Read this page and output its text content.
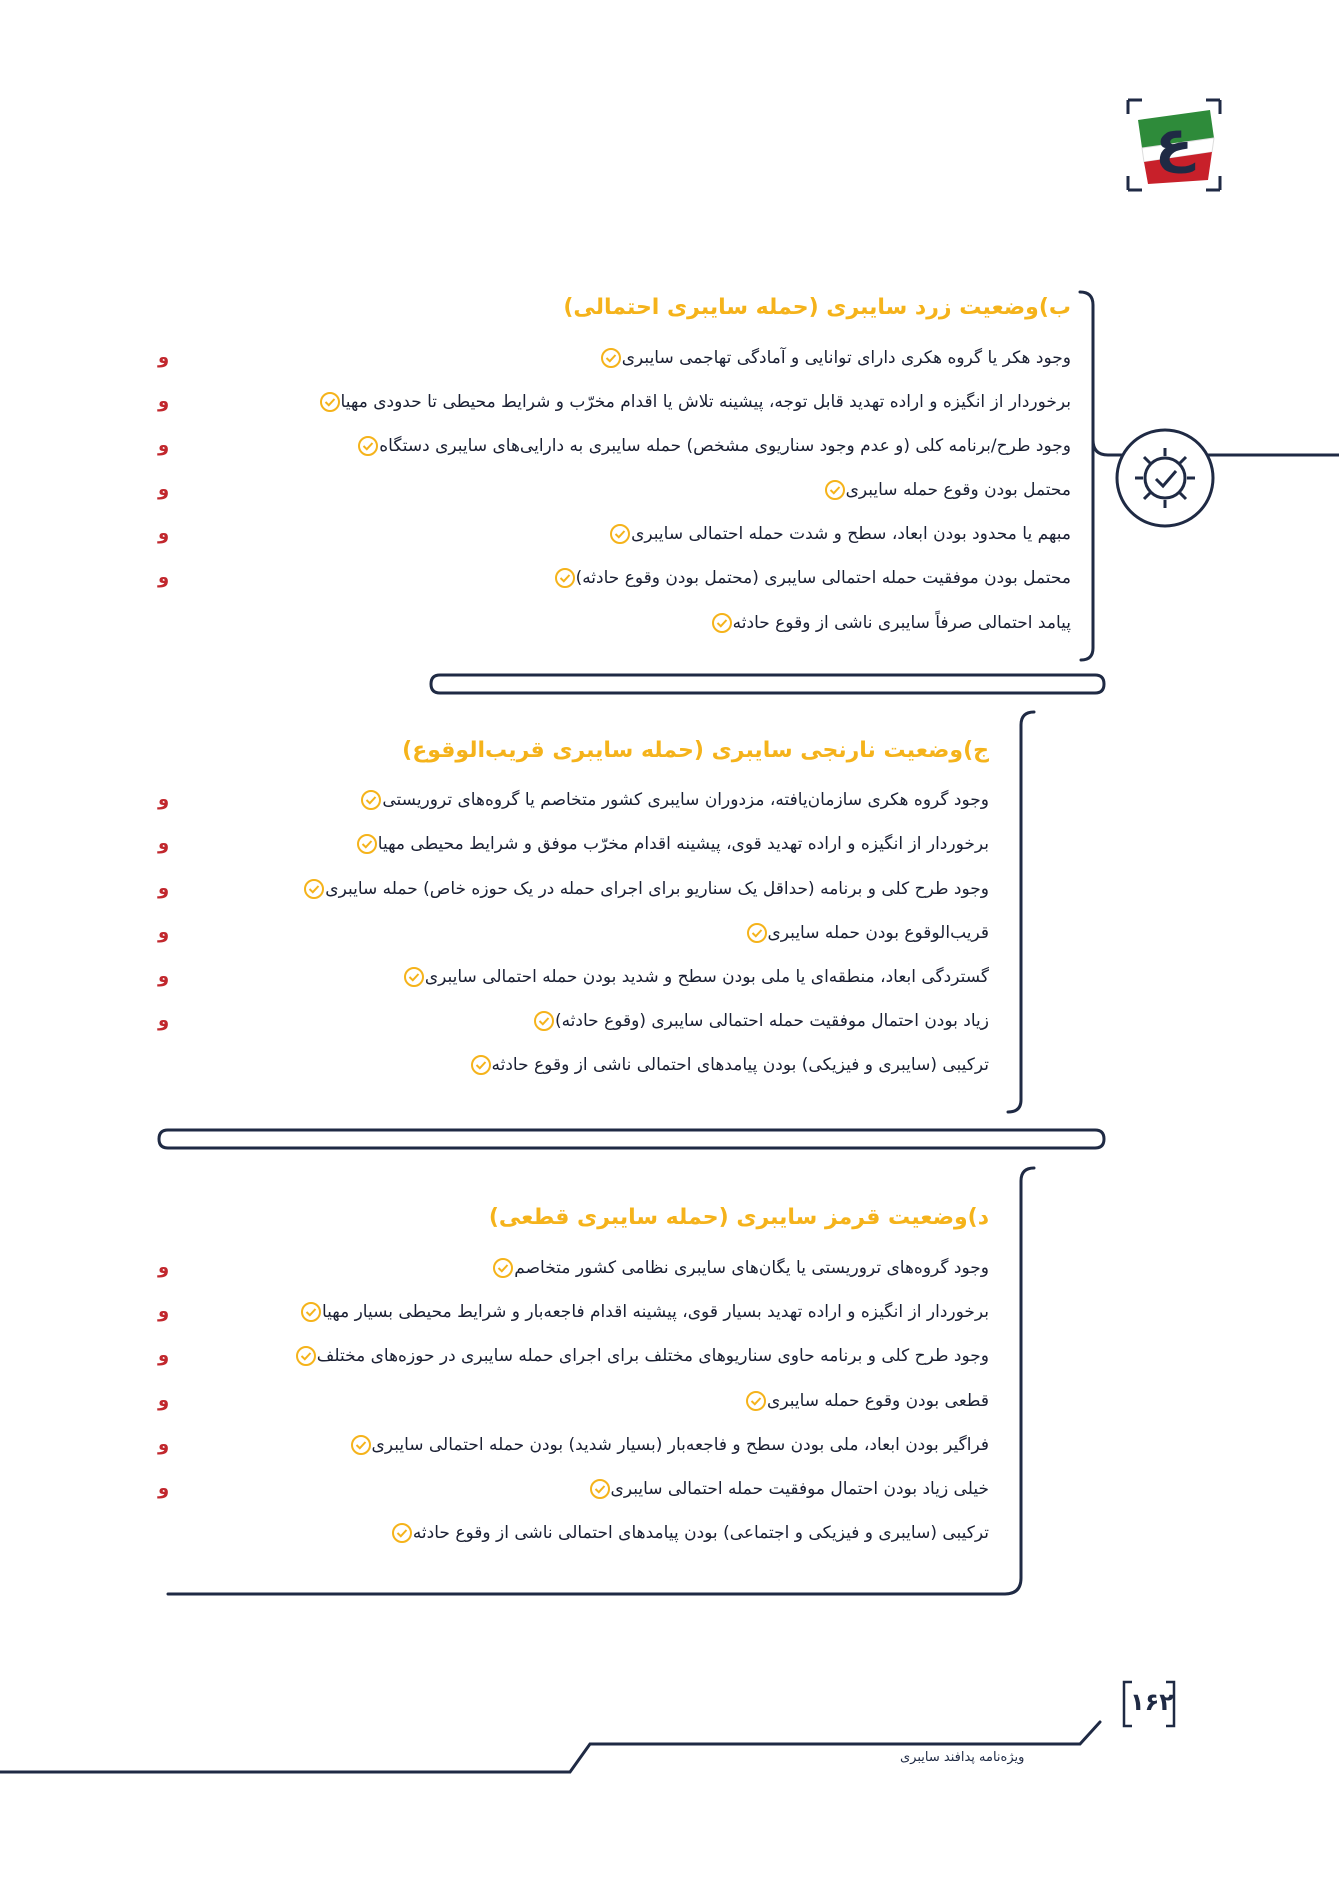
ع
ب)وضعیت زرد سایبری (حمله سایبری احتمالی)
وجود هکر یا گروه هکری دارای توانایی و آمادگی تهاجمی سایبری
برخوردار از انگیزه و اراده تهدید قابل توجه، پیشینه تلاش یا اقدام مخرّب و شرایط محیطی تا حدودی مهیا
وجود طرح/برنامه کلی (و عدم وجود سناریوی مشخص) حمله سایبری به دارایی‌های سایبری دستگاه
محتمل بودن وقوع حمله سایبری
مبهم یا محدود بودن ابعاد، سطح و شدت حمله احتمالی سایبری
محتمل بودن موفقیت حمله احتمالی سایبری (محتمل بودن وقوع حادثه)
پیامد احتمالی صرفاً سایبری ناشی از وقوع حادثه
و
و
و
و
و
و
ج)وضعیت نارنجی سایبری (حمله سایبری قریب‌الوقوع)
وجود گروه هکری سازمان‌یافته، مزدوران سایبری کشور متخاصم یا گروه‌های تروریستی
برخوردار از انگیزه و اراده تهدید قوی، پیشینه اقدام مخرّب موفق و شرایط محیطی مهیا
وجود طرح کلی و برنامه (حداقل یک سناریو برای اجرای حمله در یک حوزه خاص) حمله سایبری
قریب‌الوقوع بودن حمله سایبری
گستردگی ابعاد، منطقه‌ای یا ملی بودن سطح و شدید بودن حمله احتمالی سایبری
زیاد بودن احتمال موفقیت حمله احتمالی سایبری (وقوع حادثه)
ترکیبی (سایبری و فیزیکی) بودن پیامدهای احتمالی ناشی از وقوع حادثه
و
و
و
و
و
و
د)وضعیت قرمز سایبری (حمله سایبری قطعی)
وجود گروه‌های تروریستی یا یگان‌های سایبری نظامی کشور متخاصم
برخوردار از انگیزه و اراده تهدید بسیار قوی، پیشینه اقدام فاجعه‌بار و شرایط محیطی بسیار مهیا
وجود طرح کلی و برنامه حاوی سناریوهای مختلف برای اجرای حمله سایبری در حوزه‌های مختلف
قطعی بودن وقوع حمله سایبری
فراگیر بودن ابعاد، ملی بودن سطح و فاجعه‌بار (بسیار شدید) بودن حمله احتمالی سایبری
خیلی زیاد بودن احتمال موفقیت حمله احتمالی سایبری
ترکیبی (سایبری و فیزیکی و اجتماعی) بودن پیامدهای احتمالی ناشی از وقوع حادثه
و
و
و
و
و
و
۱۶۲
ویژه‌نامه پدافند سایبری
